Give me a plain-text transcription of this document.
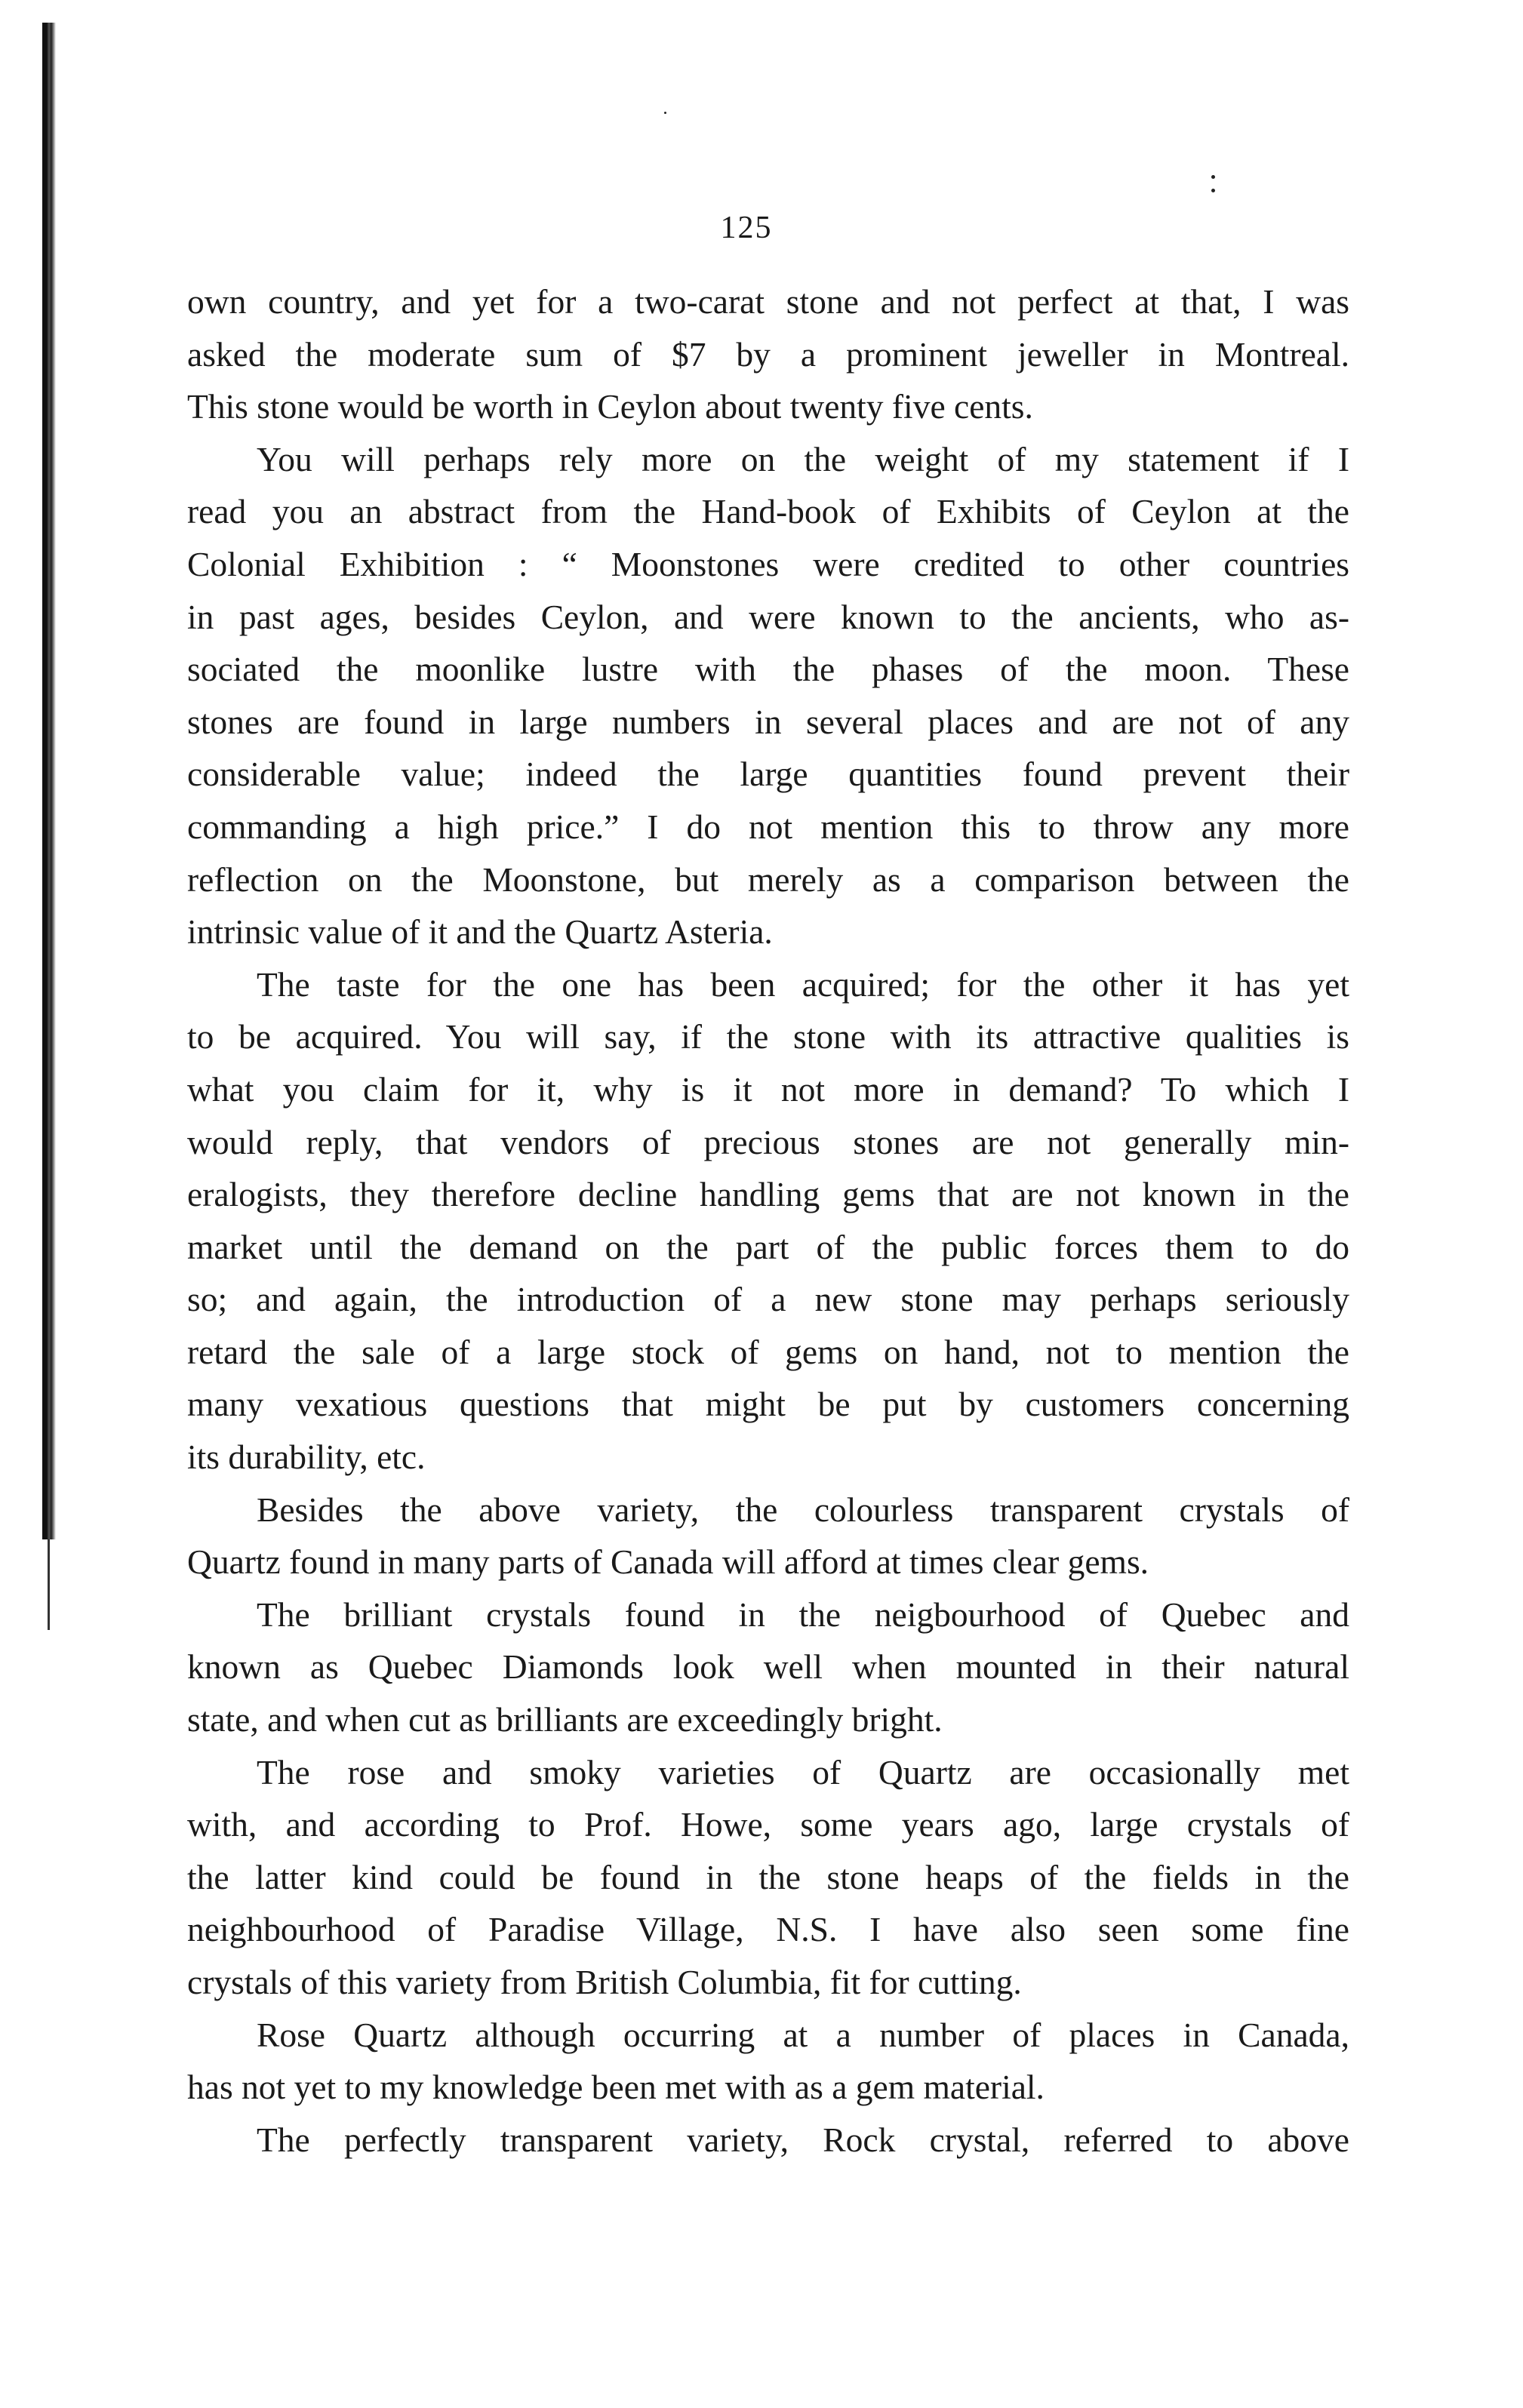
125
own country, and yet for a two-carat stone and not perfect at that, I was
asked the moderate sum of $7 by a prominent jeweller in Montreal.
This stone would be worth in Ceylon about twenty five cents.
You will perhaps rely more on the weight of my statement if I
read you an abstract from the Hand-book of Exhibits of Ceylon at the
Colonial Exhibition : “ Moonstones were credited to other countries
in past ages, besides Ceylon, and were known to the ancients, who as-
sociated the moonlike lustre with the phases of the moon. These
stones are found in large numbers in several places and are not of any
considerable value; indeed the large quantities found prevent their
commanding a high price.” I do not mention this to throw any more
reflection on the Moonstone, but merely as a comparison between the
intrinsic value of it and the Quartz Asteria.
The taste for the one has been acquired; for the other it has yet
to be acquired. You will say, if the stone with its attractive qualities is
what you claim for it, why is it not more in demand? To which I
would reply, that vendors of precious stones are not generally min-
eralogists, they therefore decline handling gems that are not known in the
market until the demand on the part of the public forces them to do
so; and again, the introduction of a new stone may perhaps seriously
retard the sale of a large stock of gems on hand, not to mention the
many vexatious questions that might be put by customers concerning
its durability, etc.
Besides the above variety, the colourless transparent crystals of
Quartz found in many parts of Canada will afford at times clear gems.
The brilliant crystals found in the neigbourhood of Quebec and
known as Quebec Diamonds look well when mounted in their natural
state, and when cut as brilliants are exceedingly bright.
The rose and smoky varieties of Quartz are occasionally met
with, and according to Prof. Howe, some years ago, large crystals of
the latter kind could be found in the stone heaps of the fields in the
neighbourhood of Paradise Village, N.S. I have also seen some fine
crystals of this variety from British Columbia, fit for cutting.
Rose Quartz although occurring at a number of places in Canada,
has not yet to my knowledge been met with as a gem material.
The perfectly transparent variety, Rock crystal, referred to above
